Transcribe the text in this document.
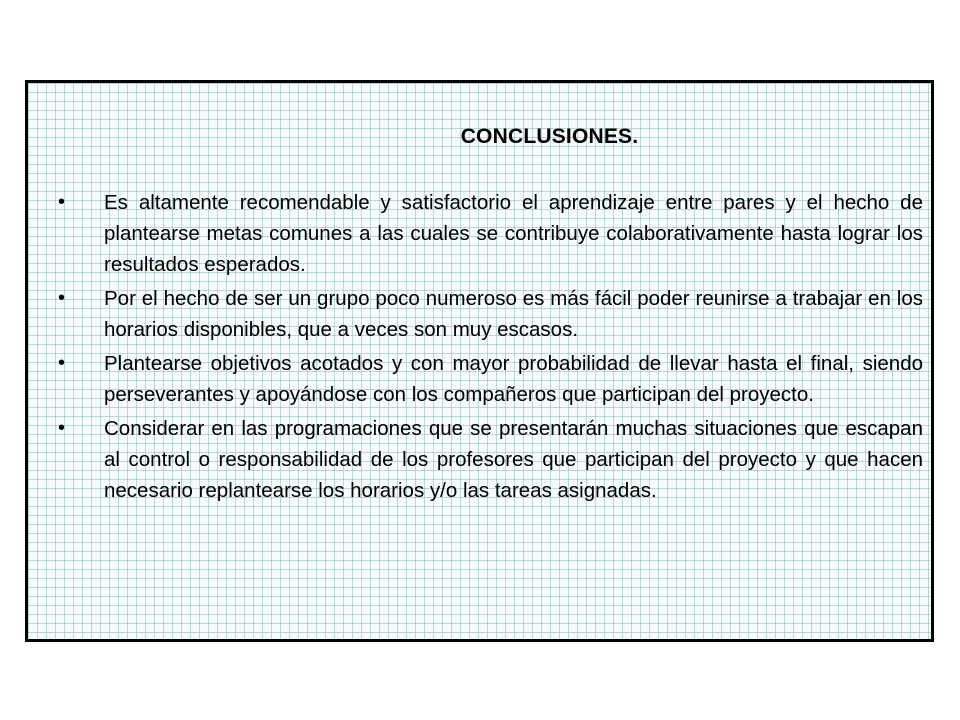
CONCLUSIONES.
• Es altamente recomendable y satisfactorio el aprendizaje entre pares y el hecho de plantearse metas comunes a las cuales se contribuye colaborativamente hasta lograr los resultados esperados.
• Por el hecho de ser un grupo poco numeroso es más fácil poder reunirse a trabajar en los horarios disponibles, que a veces son muy escasos.
• Plantearse objetivos acotados y con mayor probabilidad de llevar hasta el final, siendo perseverantes y apoyándose con los compañeros que participan del proyecto.
• Considerar en las programaciones que se presentarán muchas situaciones que escapan al control o responsabilidad de los profesores que participan del proyecto y que hacen necesario replantearse los horarios y/o las tareas asignadas.
